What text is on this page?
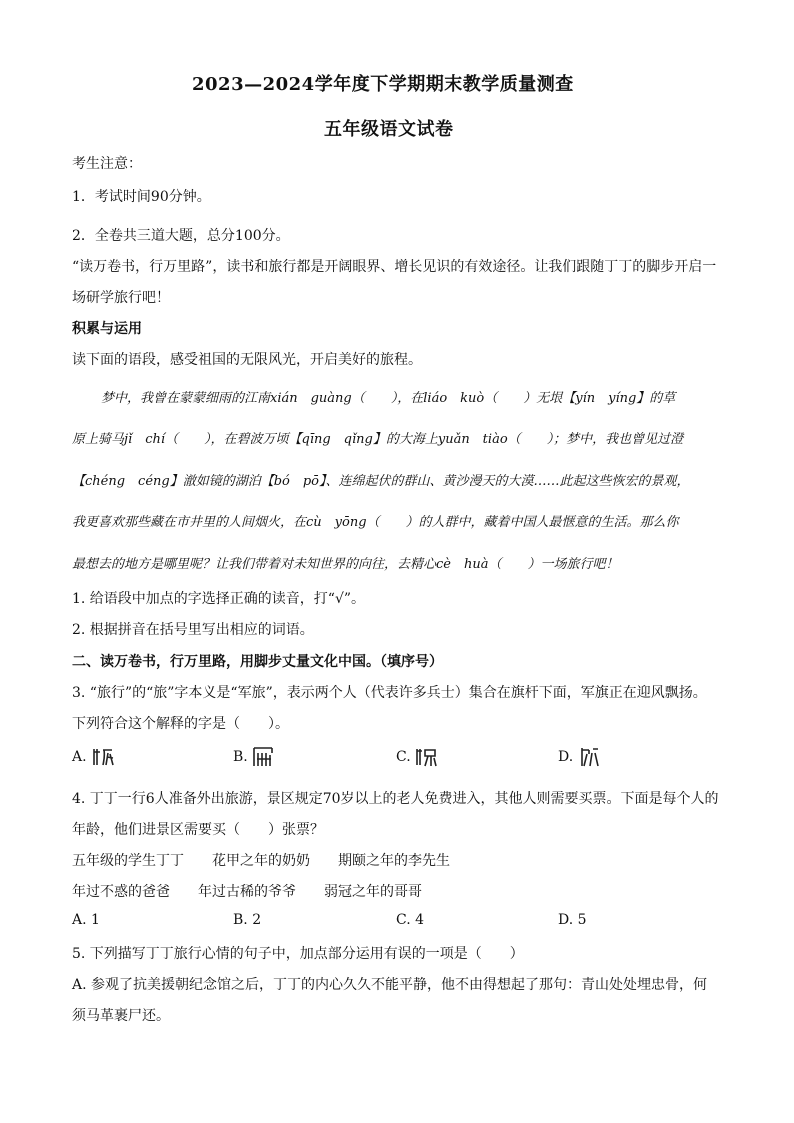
2023—2024学年度下学期期末教学质量测查
五年级语文试卷
考生注意：
1．考试时间90分钟。
2．全卷共三道大题，总分100分。
“读万卷书，行万里路”，读书和旅行都是开阔眼界、增长见识的有效途径。让我们跟随丁丁的脚步开启一
场研学旅行吧！
积累与运用
读下面的语段，感受祖国的无限风光，开启美好的旅程。
梦中，我曾在蒙蒙细雨的江南xián　guàng（　　），在liáo　kuò（　　）无垠【yín　yíng】的草
原上骑马jǐ　chí（　　），在碧波万顷【qīng　qǐng】的大海上yuǎn　tiào（　　）；梦中，我也曾见过澄
【chéng　céng】澈如镜的湖泊【bó　pō】、连绵起伏的群山、黄沙漫天的大漠……此起这些恢宏的景观，
我更喜欢那些藏在市井里的人间烟火，在cù　yōng（　　）的人群中，藏着中国人最惬意的生活。那么你
最想去的地方是哪里呢？让我们带着对未知世界的向往，去精心cè　huà（　　）一场旅行吧！
1. 给语段中加点的字选择正确的读音，打“√”。
2. 根据拼音在括号里写出相应的词语。
二、读万卷书，行万里路，用脚步丈量文化中国。（填序号）
3. “旅行”的“旅”字本义是“军旅”，表示两个人（代表许多兵士）集合在旗杆下面，军旗正在迎风飘扬。
下列符合这个解释的字是（　　）。
A.	B.	C.	D.
4. 丁丁一行6人准备外出旅游，景区规定70岁以上的老人免费进入，其他人则需要买票。下面是每个人的
年龄，他们进景区需要买（　　）张票？
五年级的学生丁丁 花甲之年的奶奶 期颐之年的李先生
年过不惑的爸爸 年过古稀的爷爷 弱冠之年的哥哥
A. 1	B. 2	C. 4	D. 5
5. 下列描写丁丁旅行心情的句子中，加点部分运用有误的一项是（　　）
A. 参观了抗美援朝纪念馆之后，丁丁的内心久久不能平静，他不由得想起了那句：青山处处埋忠骨，何
须马革裹尸还。
